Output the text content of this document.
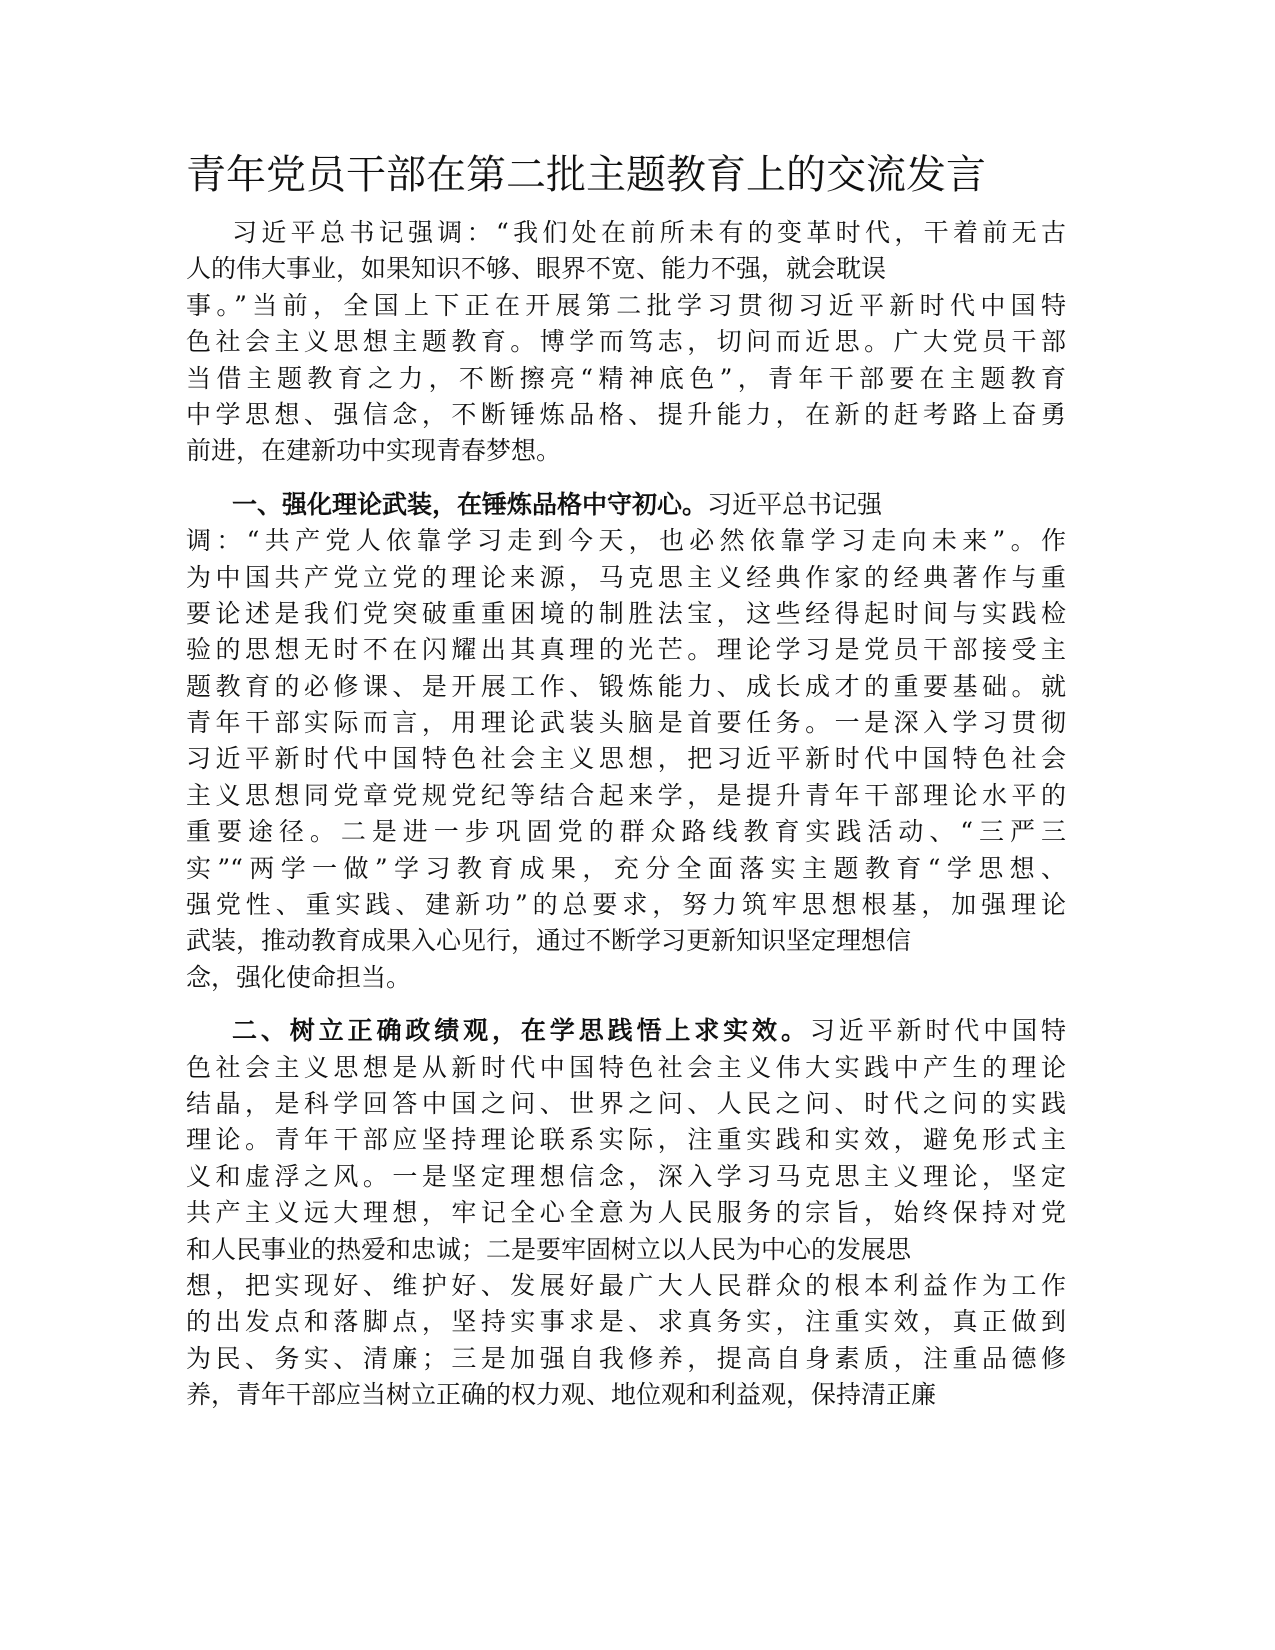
青年党员干部在第二批主题教育上的交流发言
习近平总书记强调：“我们处在前所未有的变革时代，干着前无古
人的伟大事业，如果知识不够、眼界不宽、能力不强，就会耽误
事。”当前，全国上下正在开展第二批学习贯彻习近平新时代中国特
色社会主义思想主题教育。博学而笃志，切问而近思。广大党员干部
当借主题教育之力，不断擦亮“精神底色”，青年干部要在主题教育
中学思想、强信念，不断锤炼品格、提升能力，在新的赶考路上奋勇
前进，在建新功中实现青春梦想。
一、强化理论武装，在锤炼品格中守初心。习近平总书记强
调：“共产党人依靠学习走到今天，也必然依靠学习走向未来”。作
为中国共产党立党的理论来源，马克思主义经典作家的经典著作与重
要论述是我们党突破重重困境的制胜法宝，这些经得起时间与实践检
验的思想无时不在闪耀出其真理的光芒。理论学习是党员干部接受主
题教育的必修课、是开展工作、锻炼能力、成长成才的重要基础。就
青年干部实际而言，用理论武装头脑是首要任务。一是深入学习贯彻
习近平新时代中国特色社会主义思想，把习近平新时代中国特色社会
主义思想同党章党规党纪等结合起来学，是提升青年干部理论水平的
重要途径。二是进一步巩固党的群众路线教育实践活动、“三严三
实”“两学一做”学习教育成果，充分全面落实主题教育“学思想、
强党性、重实践、建新功”的总要求，努力筑牢思想根基，加强理论
武装，推动教育成果入心见行，通过不断学习更新知识坚定理想信
念，强化使命担当。
二、树立正确政绩观，在学思践悟上求实效。习近平新时代中国特
色社会主义思想是从新时代中国特色社会主义伟大实践中产生的理论
结晶，是科学回答中国之问、世界之问、人民之问、时代之问的实践
理论。青年干部应坚持理论联系实际，注重实践和实效，避免形式主
义和虚浮之风。一是坚定理想信念，深入学习马克思主义理论，坚定
共产主义远大理想，牢记全心全意为人民服务的宗旨，始终保持对党
和人民事业的热爱和忠诚；二是要牢固树立以人民为中心的发展思
想，把实现好、维护好、发展好最广大人民群众的根本利益作为工作
的出发点和落脚点，坚持实事求是、求真务实，注重实效，真正做到
为民、务实、清廉；三是加强自我修养，提高自身素质，注重品德修
养，青年干部应当树立正确的权力观、地位观和利益观，保持清正廉
